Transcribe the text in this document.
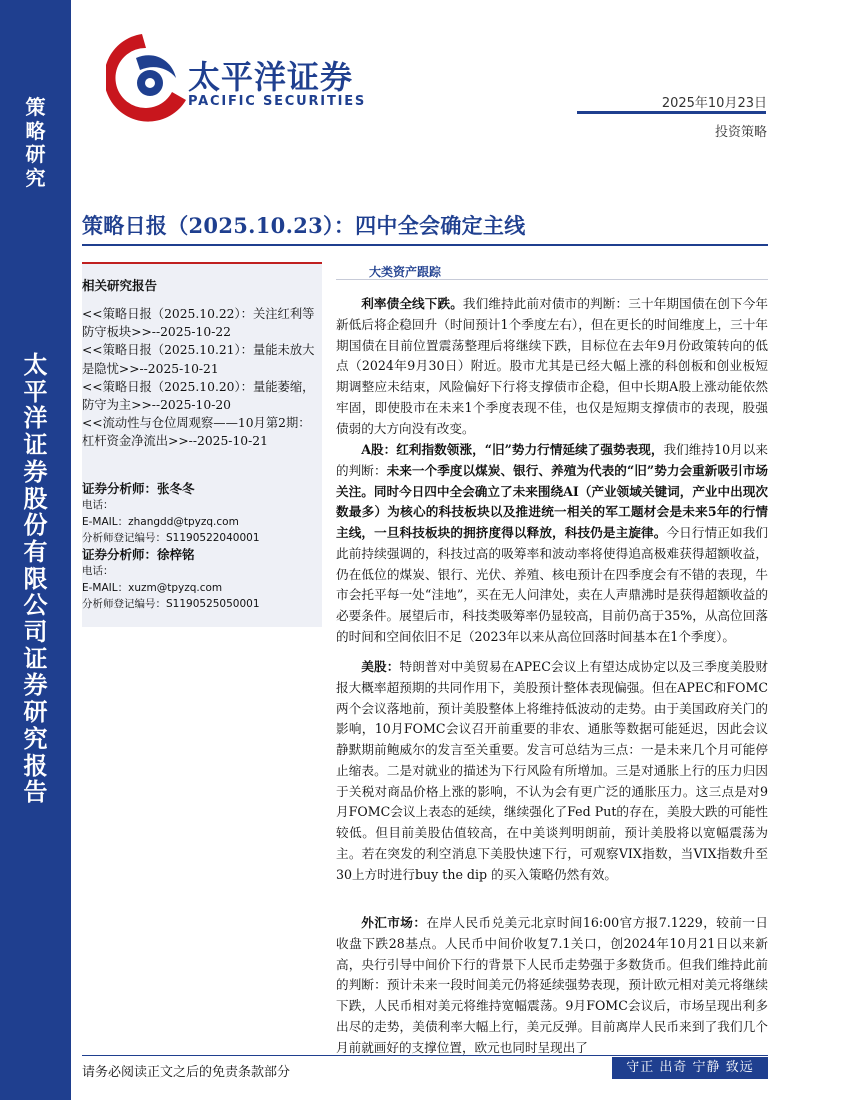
策
略
研
究
太
平
洋
证
券
股
份
有
限
公
司
证
券
研
究
报
告
太平洋证券
PACIFIC SECURITIES	2025年10月23日
投资策略
策略日报（2025.10.23）：四中全会确定主线
相关研究报告
<<策略日报（2025.10.22）：关注红利等防守板块>>--2025-10-22
<<策略日报（2025.10.21）：量能未放大是隐忧>>--2025-10-21
<<策略日报（2025.10.20）：量能萎缩，防守为主>>--2025-10-20
<<流动性与仓位周观察——10月第2期：杠杆资金净流出>>--2025-10-21
证券分析师：张冬冬
电话：
E-MAIL：zhangdd@tpyzq.com
分析师登记编号：S1190522040001
证券分析师：徐梓铭
电话：
E-MAIL：xuzm@tpyzq.com
分析师登记编号：S1190525050001
大类资产跟踪
利率债全线下跌。我们维持此前对债市的判断：三十年期国债在创下今年新低后将企稳回升（时间预计1个季度左右），但在更长的时间维度上，三十年期国债在目前位置震荡整理后将继续下跌，目标位在去年9月份政策转向的低点（2024年9月30日）附近。股市尤其是已经大幅上涨的科创板和创业板短期调整应未结束，风险偏好下行将支撑债市企稳，但中长期A股上涨动能依然牢固，即使股市在未来1个季度表现不佳，也仅是短期支撑债市的表现，股强债弱的大方向没有改变。
A股：红利指数领涨，“旧”势力行情延续了强势表现，我们维持10月以来的判断：未来一个季度以煤炭、银行、养殖为代表的“旧”势力会重新吸引市场关注。同时今日四中全会确立了未来围绕AI（产业领域关键词，产业中出现次数最多）为核心的科技板块以及推进统一相关的军工题材会是未来5年的行情主线，一旦科技板块的拥挤度得以释放，科技仍是主旋律。今日行情正如我们此前持续强调的，科技过高的吸筹率和波动率将使得追高极难获得超额收益，仍在低位的煤炭、银行、光伏、养殖、核电预计在四季度会有不错的表现，牛市会托平每一处“洼地”，买在无人问津处，卖在人声鼎沸时是获得超额收益的必要条件。展望后市，科技类吸筹率仍显较高，目前仍高于35%，从高位回落的时间和空间依旧不足（2023年以来从高位回落时间基本在1个季度）。
美股：特朗普对中美贸易在APEC会议上有望达成协定以及三季度美股财报大概率超预期的共同作用下，美股预计整体表现偏强。但在APEC和FOMC两个会议落地前，预计美股整体上将维持低波动的走势。由于美国政府关门的影响，10月FOMC会议召开前重要的非农、通胀等数据可能延迟，因此会议静默期前鲍威尔的发言至关重要。发言可总结为三点：一是未来几个月可能停止缩表。二是对就业的描述为下行风险有所增加。三是对通胀上行的压力归因于关税对商品价格上涨的影响，不认为会有更广泛的通胀压力。这三点是对9月FOMC会议上表态的延续，继续强化了Fed Put的存在，美股大跌的可能性较低。但目前美股估值较高，在中美谈判明朗前，预计美股将以宽幅震荡为主。若在突发的利空消息下美股快速下行，可观察VIX指数，当VIX指数升至30上方时进行buy the dip 的买入策略仍然有效。
外汇市场：在岸人民币兑美元北京时间16:00官方报7.1229，较前一日收盘下跌28基点。人民币中间价收复7.1关口，创2024年10月21日以来新高，央行引导中间价下行的背景下人民币走势强于多数货币。但我们维持此前的判断：预计未来一段时间美元仍将延续强势表现，预计欧元相对美元将继续下跌，人民币相对美元将维持宽幅震荡。9月FOMC会议后，市场呈现出利多出尽的走势，美债利率大幅上行，美元反弹。目前离岸人民币来到了我们几个月前就画好的支撑位置，欧元也同时呈现出了
请务必阅读正文之后的免责条款部分	守正 出奇 宁静 致远
